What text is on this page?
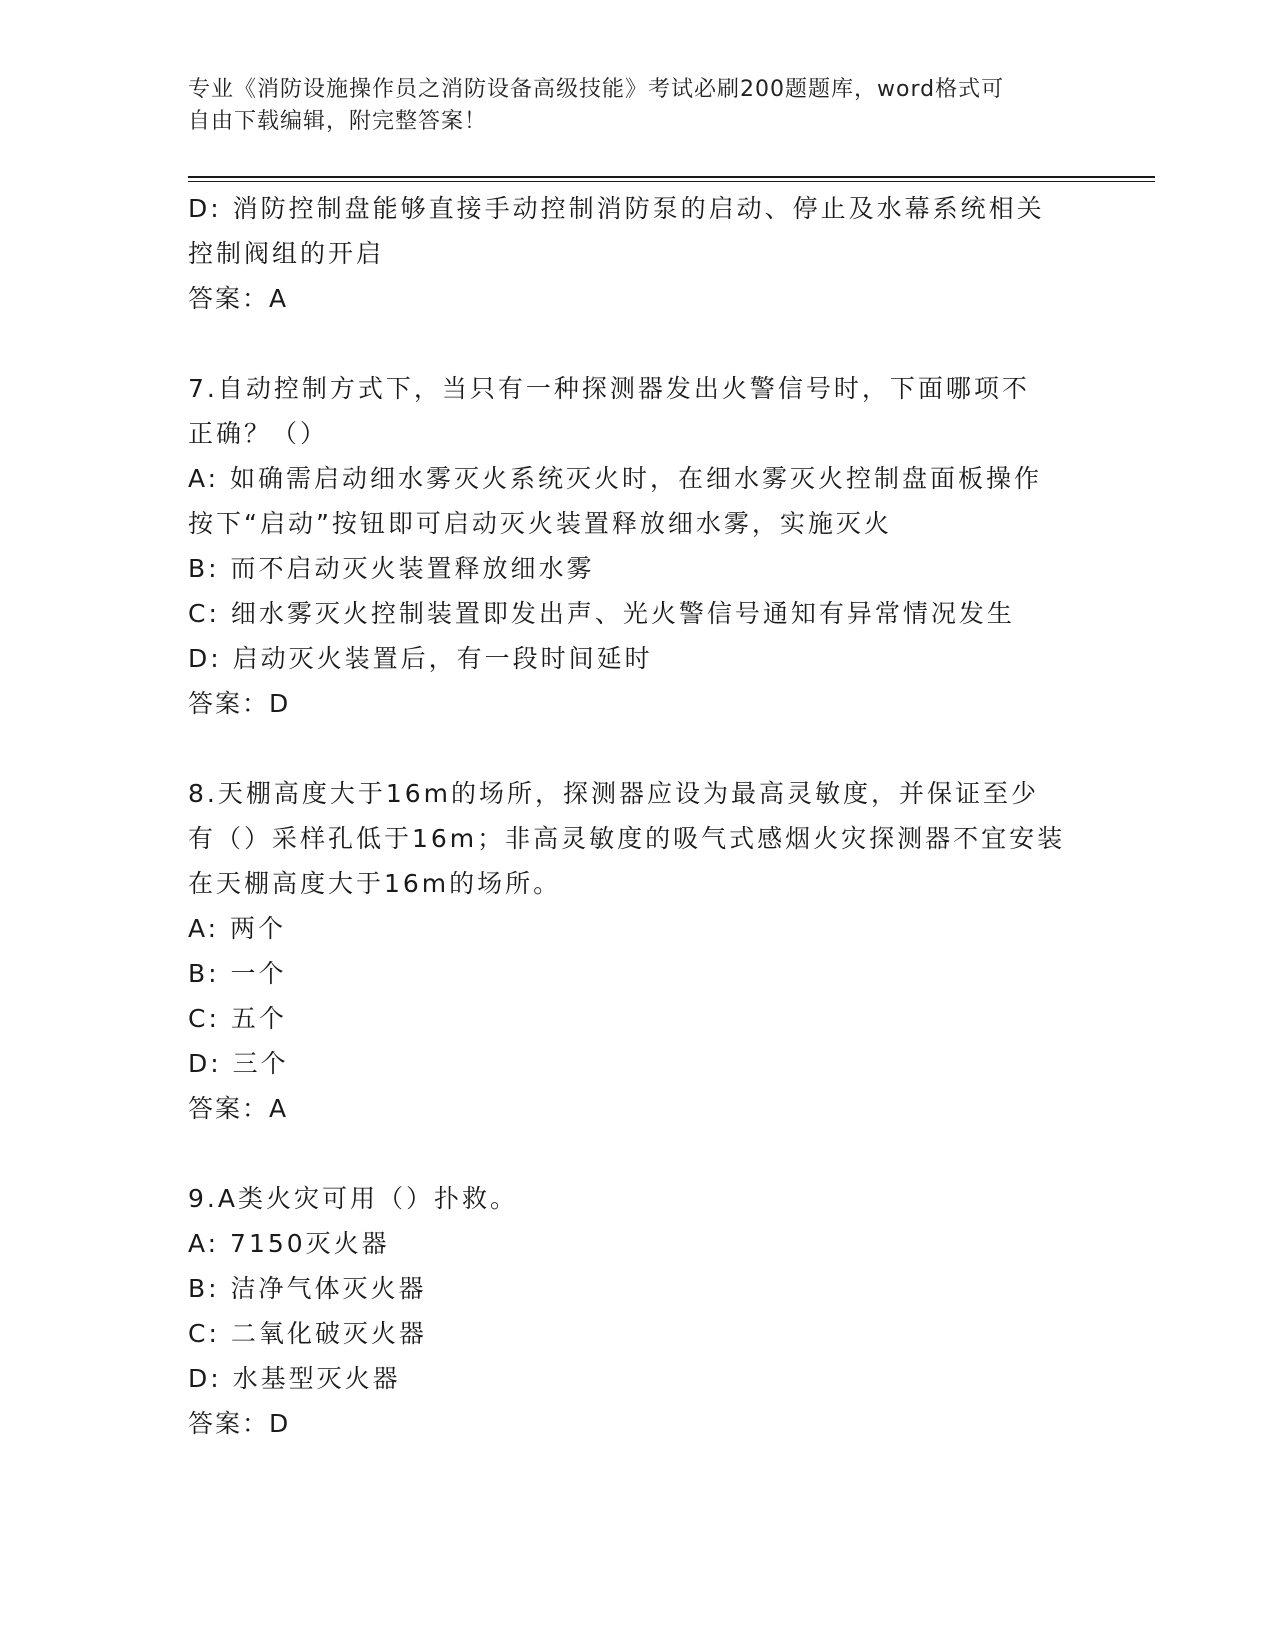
专业《消防设施操作员之消防设备高级技能》考试必刷200题题库，word格式可
自由下载编辑，附完整答案！

D: 消防控制盘能够直接手动控制消防泵的启动、停止及水幕系统相关

控制阀组的开启

答案：A

7.自动控制方式下，当只有一种探测器发出火警信号时，下面哪项不

正确？（）

A: 如确需启动细水雾灭火系统灭火时，在细水雾灭火控制盘面板操作

按下“启动”按钮即可启动灭火装置释放细水雾，实施灭火

B: 而不启动灭火装置释放细水雾

C: 细水雾灭火控制装置即发出声、光火警信号通知有异常情况发生

D: 启动灭火装置后，有一段时间延时

答案：D

8.天棚高度大于16m的场所，探测器应设为最高灵敏度，并保证至少

有（）采样孔低于16m；非高灵敏度的吸气式感烟火灾探测器不宜安装

在天棚高度大于16m的场所。

A: 两个

B: 一个

C: 五个

D: 三个

答案：A

9.A类火灾可用（）扑救。

A: 7150灭火器

B: 洁净气体灭火器

C: 二氧化破灭火器

D: 水基型灭火器

答案：D
